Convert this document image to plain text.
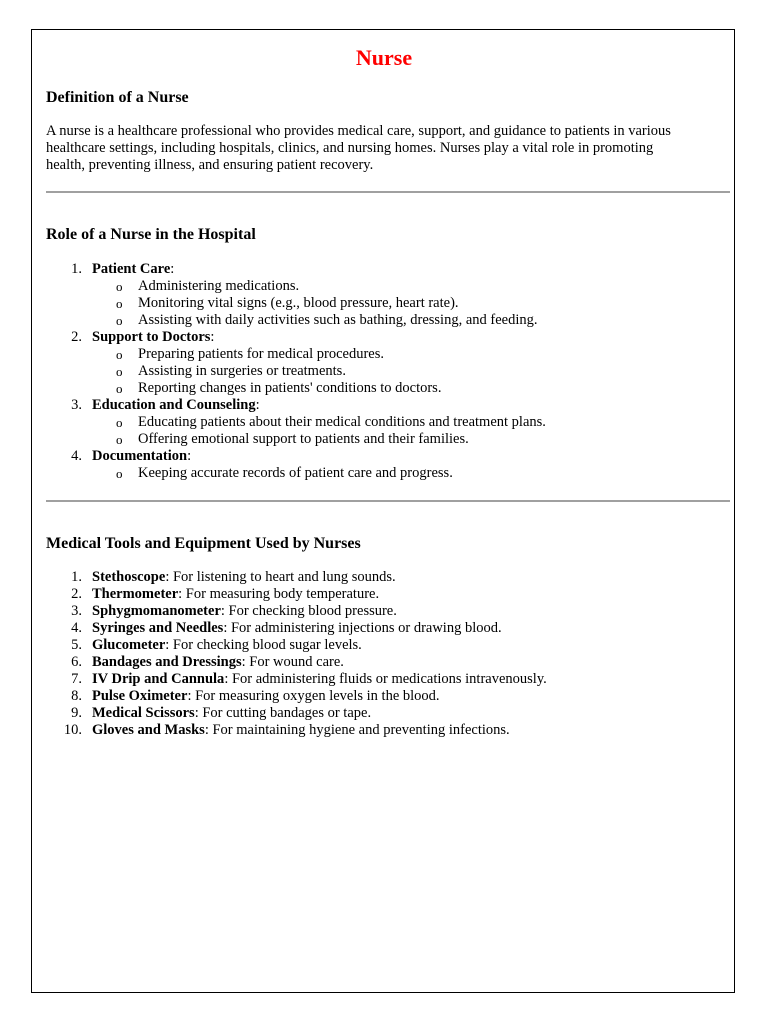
Nurse
Definition of a Nurse
A nurse is a healthcare professional who provides medical care, support, and guidance to patients in various
healthcare settings, including hospitals, clinics, and nursing homes. Nurses play a vital role in promoting
health, preventing illness, and ensuring patient recovery.
Role of a Nurse in the Hospital
1. Patient Care:
o Administering medications.
o Monitoring vital signs (e.g., blood pressure, heart rate).
o Assisting with daily activities such as bathing, dressing, and feeding.
2. Support to Doctors:
o Preparing patients for medical procedures.
o Assisting in surgeries or treatments.
o Reporting changes in patients' conditions to doctors.
3. Education and Counseling:
o Educating patients about their medical conditions and treatment plans.
o Offering emotional support to patients and their families.
4. Documentation:
o Keeping accurate records of patient care and progress.
Medical Tools and Equipment Used by Nurses
1. Stethoscope: For listening to heart and lung sounds.
2. Thermometer: For measuring body temperature.
3. Sphygmomanometer: For checking blood pressure.
4. Syringes and Needles: For administering injections or drawing blood.
5. Glucometer: For checking blood sugar levels.
6. Bandages and Dressings: For wound care.
7. IV Drip and Cannula: For administering fluids or medications intravenously.
8. Pulse Oximeter: For measuring oxygen levels in the blood.
9. Medical Scissors: For cutting bandages or tape.
10. Gloves and Masks: For maintaining hygiene and preventing infections.
